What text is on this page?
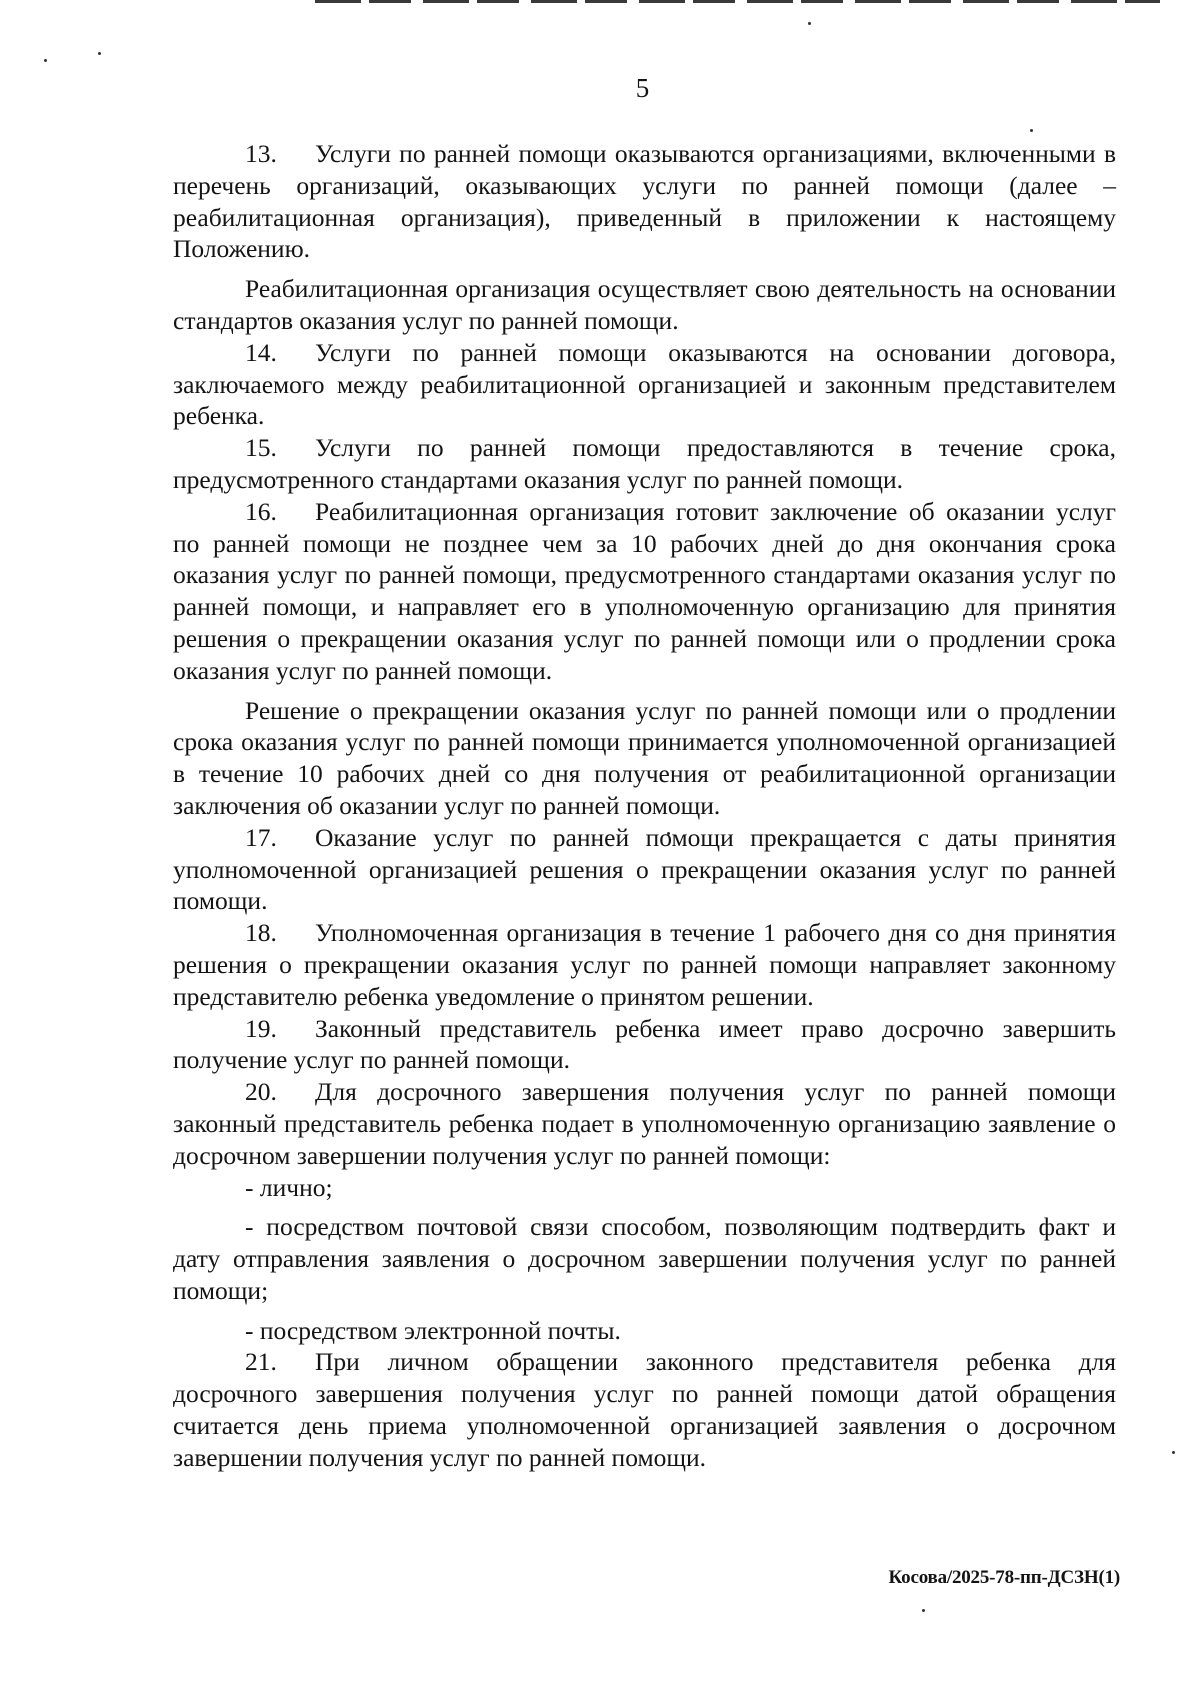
5

13. Услуги по ранней помощи оказываются организациями, включенными в перечень организаций, оказывающих услуги по ранней помощи (далее – реабилитационная организация), приведенный в приложении к настоящему Положению.

Реабилитационная организация осуществляет свою деятельность на основании стандартов оказания услуг по ранней помощи.

14. Услуги по ранней помощи оказываются на основании договора, заключаемого между реабилитационной организацией и законным представителем ребенка.

15. Услуги по ранней помощи предоставляются в течение срока, предусмотренного стандартами оказания услуг по ранней помощи.

16. Реабилитационная организация готовит заключение об оказании услуг по ранней помощи не позднее чем за 10 рабочих дней до дня окончания срока оказания услуг по ранней помощи, предусмотренного стандартами оказания услуг по ранней помощи, и направляет его в уполномоченную организацию для принятия решения о прекращении оказания услуг по ранней помощи или о продлении срока оказания услуг по ранней помощи.

Решение о прекращении оказания услуг по ранней помощи или о продлении срока оказания услуг по ранней помощи принимается уполномоченной организацией в течение 10 рабочих дней со дня получения от реабилитационной организации заключения об оказании услуг по ранней помощи.

17. Оказание услуг по ранней помощи прекращается с даты принятия уполномоченной организацией решения о прекращении оказания услуг по ранней помощи.

18. Уполномоченная организация в течение 1 рабочего дня со дня принятия решения о прекращении оказания услуг по ранней помощи направляет законному представителю ребенка уведомление о принятом решении.

19. Законный представитель ребенка имеет право досрочно завершить получение услуг по ранней помощи.

20. Для досрочного завершения получения услуг по ранней помощи законный представитель ребенка подает в уполномоченную организацию заявление о досрочном завершении получения услуг по ранней помощи:

- лично;

- посредством почтовой связи способом, позволяющим подтвердить факт и дату отправления заявления о досрочном завершении получения услуг по ранней помощи;

- посредством электронной почты.

21. При личном обращении законного представителя ребенка для досрочного завершения получения услуг по ранней помощи датой обращения считается день приема уполномоченной организацией заявления о досрочном завершении получения услуг по ранней помощи.

Косова/2025-78-пп-ДСЗН(1)
